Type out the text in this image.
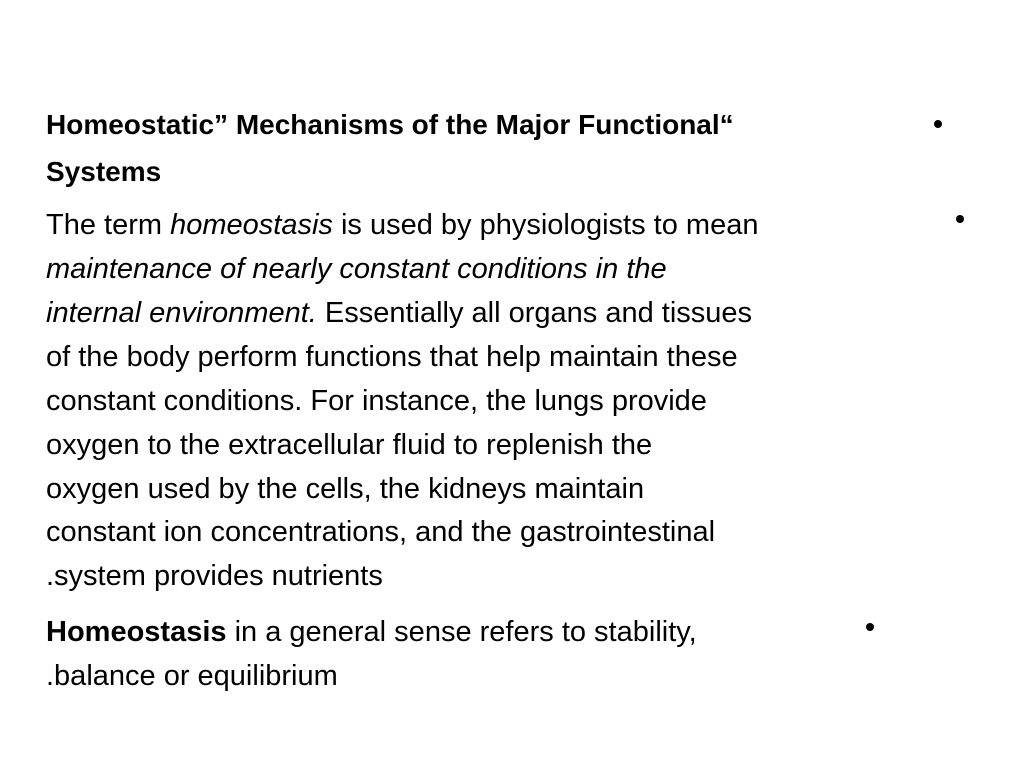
Homeostatic” Mechanisms of the Major Functional“
Systems
The term homeostasis is used by physiologists to mean
maintenance of nearly constant conditions in the
internal environment. Essentially all organs and tissues
of the body perform functions that help maintain these
constant conditions. For instance, the lungs provide
oxygen to the extracellular fluid to replenish the
oxygen used by the cells, the kidneys maintain
constant ion concentrations, and the gastrointestinal
.system provides nutrients
Homeostasis in a general sense refers to stability,
.balance or equilibrium
